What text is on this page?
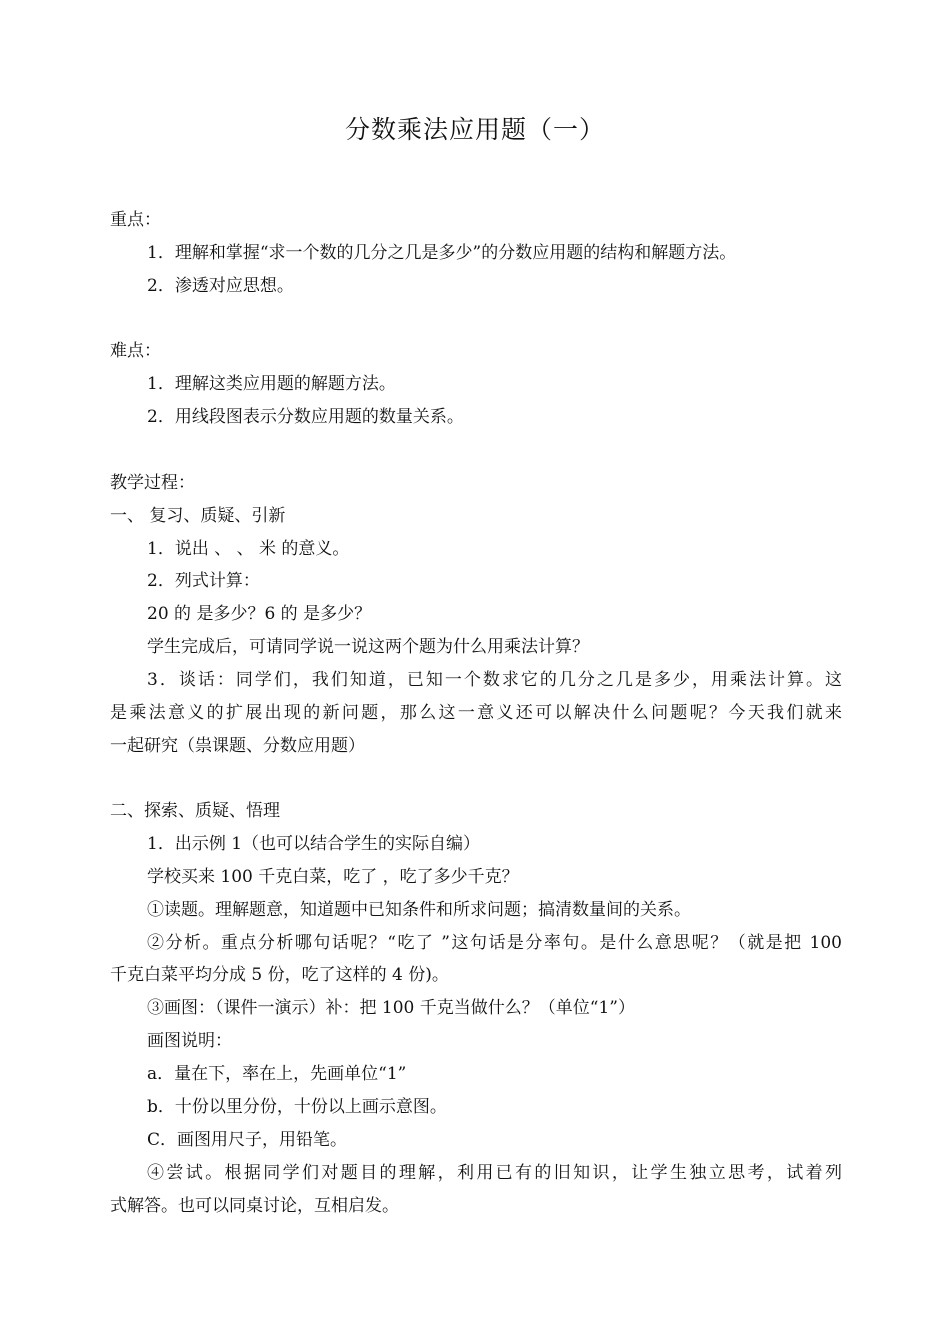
分数乘法应用题（一）
重点：
1．理解和掌握“求一个数的几分之几是多少”的分数应用题的结构和解题方法。
2．渗透对应思想。
难点：
1．理解这类应用题的解题方法。
2．用线段图表示分数应用题的数量关系。
教学过程：
一、 复习、质疑、引新
1．说出 、 、 米 的意义。
2．列式计算：
20 的 是多少？6 的 是多少？
学生完成后，可请同学说一说这两个题为什么用乘法计算？
3．谈话：同学们，我们知道，已知一个数求它的几分之几是多少，用乘法计算。这
是乘法意义的扩展出现的新问题，那么这一意义还可以解决什么问题呢？今天我们就来
一起研究（祟课题、分数应用题）
二、探索、质疑、悟理
1．出示例 1（也可以结合学生的实际自编）
学校买来 100 千克白菜，吃了 ，吃了多少千克？
①读题。理解题意，知道题中已知条件和所求问题；搞清数量间的关系。
②分析。重点分析哪句话呢？“吃了 ”这句话是分率句。是什么意思呢？（就是把 100
千克白菜平均分成 5 份，吃了这样的 4 份)。
③画图：（课件一演示）补：把 100 千克当做什么？（单位“1”）
画图说明：
a．量在下，率在上，先画单位“1”
b．十份以里分份，十份以上画示意图。
C．画图用尺子，用铅笔。
④尝试。根据同学们对题目的理解，利用已有的旧知识，让学生独立思考，试着列
式解答。也可以同桌讨论，互相启发。
